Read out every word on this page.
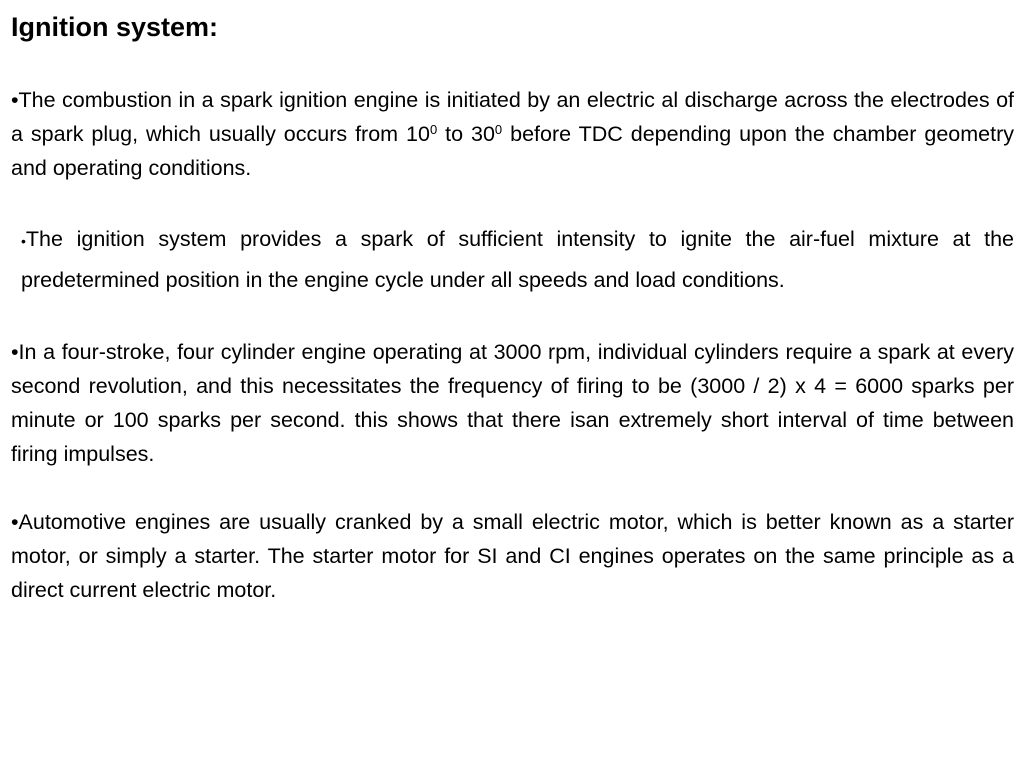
Ignition system:

•The combustion in a spark ignition engine is initiated by an electric al discharge across the electrodes of a spark plug, which usually occurs from $10^0$ to $30^0$ before TDC depending upon the chamber geometry and operating conditions.

•The ignition system provides a spark of sufficient intensity to ignite the air-fuel mixture at the predetermined position in the engine cycle under all speeds and load conditions.

•In a four-stroke, four cylinder engine operating at 3000 rpm, individual cylinders require a spark at every second revolution, and this necessitates the frequency of firing to be (3000 / 2) x 4 = 6000 sparks per minute or 100 sparks per second. this shows that there isan extremely short interval of time between firing impulses.

•Automotive engines are usually cranked by a small electric motor, which is better known as a starter motor, or simply a starter. The starter motor for SI and CI engines operates on the same principle as a direct current electric motor.
